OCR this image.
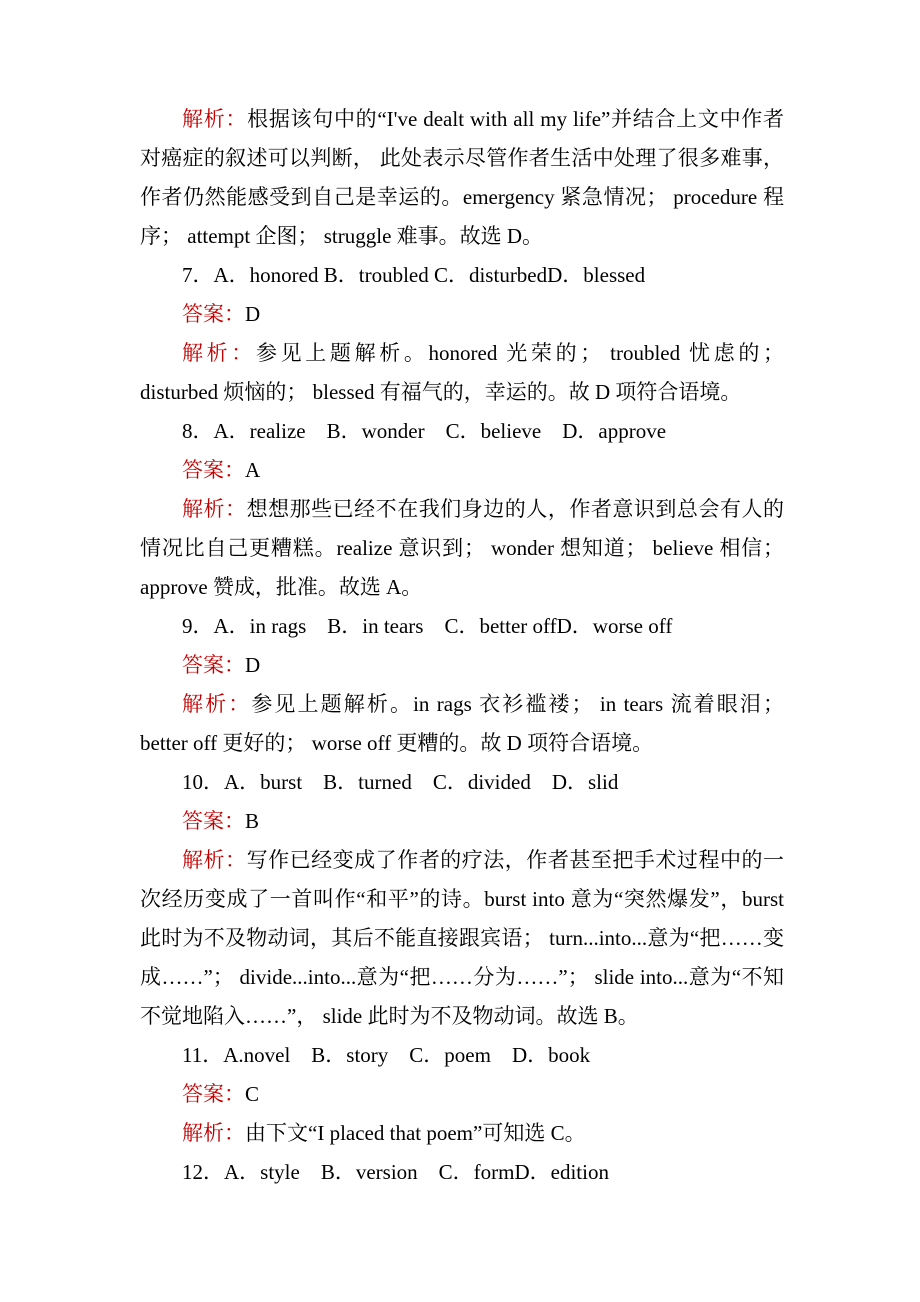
解析：根据该句中的“I've dealt with all my life”并结合上文中作者对癌症的叙述可以判断， 此处表示尽管作者生活中处理了很多难事，作者仍然能感受到自己是幸运的。emergency 紧急情况； procedure 程序； attempt 企图； struggle 难事。故选 D。

7．A．honored B．troubled C．disturbedD．blessed

答案：D

解析：参见上题解析。honored 光荣的； troubled 忧虑的； disturbed 烦恼的； blessed 有福气的，幸运的。故 D 项符合语境。

8．A．realize　B．wonder　C．believe　D．approve

答案：A

解析：想想那些已经不在我们身边的人，作者意识到总会有人的情况比自己更糟糕。realize 意识到； wonder 想知道； believe 相信； approve 赞成，批准。故选 A。

9．A．in rags　B．in tears　C．better offD．worse off

答案：D

解析：参见上题解析。in rags 衣衫褴褛； in tears 流着眼泪； better off 更好的； worse off 更糟的。故 D 项符合语境。

10．A．burst　B．turned　C．divided　D．slid

答案：B

解析：写作已经变成了作者的疗法，作者甚至把手术过程中的一次经历变成了一首叫作“和平”的诗。burst into 意为“突然爆发”，burst 此时为不及物动词，其后不能直接跟宾语； turn...into...意为“把……变成……”； divide...into...意为“把……分为……”； slide into...意为“不知不觉地陷入……”， slide 此时为不及物动词。故选 B。

11．A.novel　B．story　C．poem　D．book

答案：C

解析：由下文“I placed that poem”可知选 C。

12．A．style　B．version　C．formD．edition
